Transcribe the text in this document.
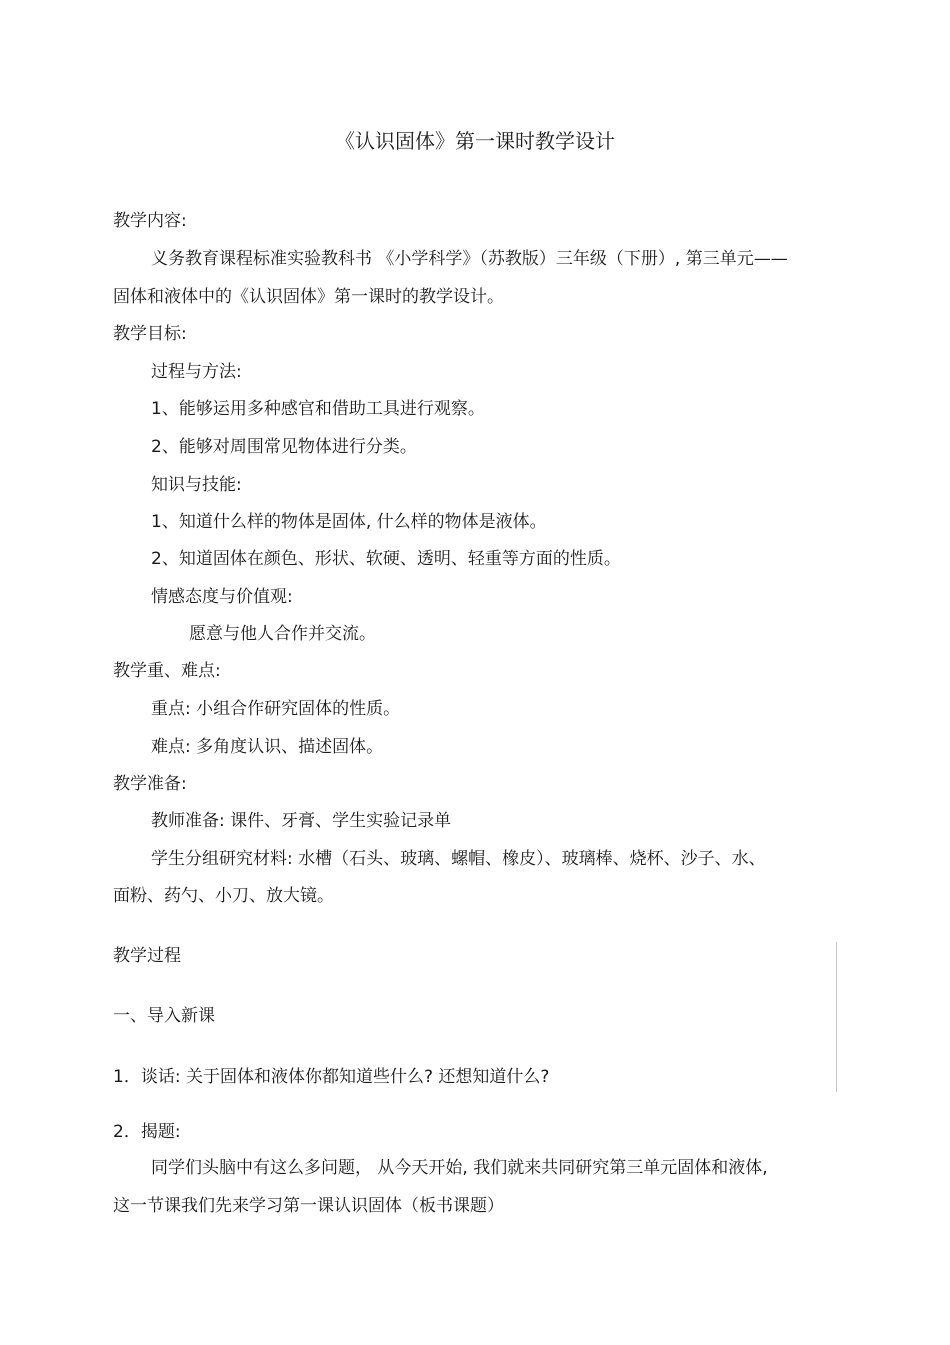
《认识固体》第一课时教学设计
教学内容:
义务教育课程标准实验教科书 《小学科学》（苏教版）三年级（下册）, 第三单元——
固体和液体中的《认识固体》第一课时的教学设计。
教学目标:
过程与方法:
1、能够运用多种感官和借助工具进行观察。
2、能够对周围常见物体进行分类。
知识与技能:
1、知道什么样的物体是固体, 什么样的物体是液体。
2、知道固体在颜色、形状、软硬、透明、轻重等方面的性质。
情感态度与价值观:
愿意与他人合作并交流。
教学重、难点:
重点: 小组合作研究固体的性质。
难点: 多角度认识、描述固体。
教学准备:
教师准备: 课件、牙膏、学生实验记录单
学生分组研究材料: 水槽（石头、玻璃、螺帽、橡皮）、玻璃棒、烧杯、沙子、水、
面粉、药勺、小刀、放大镜。
教学过程
一、导入新课
1．谈话: 关于固体和液体你都知道些什么? 还想知道什么?
2．揭题:
同学们头脑中有这么多问题， 从今天开始, 我们就来共同研究第三单元固体和液体,
这一节课我们先来学习第一课认识固体（板书课题）
